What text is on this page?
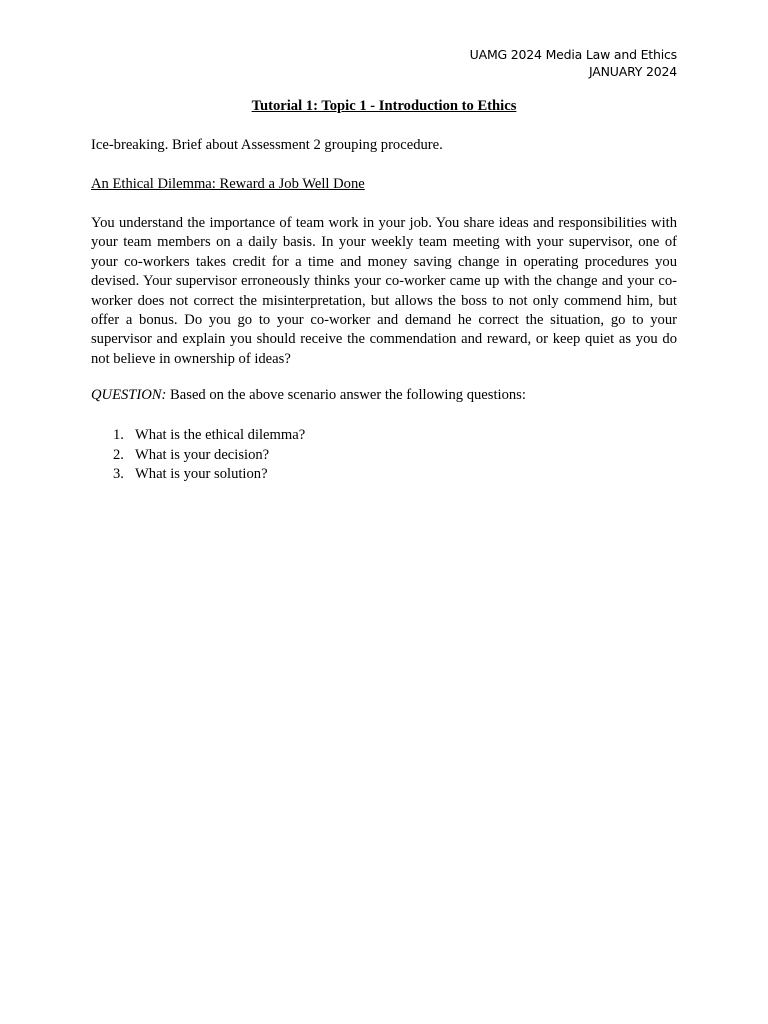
UAMG 2024 Media Law and Ethics
JANUARY 2024
Tutorial 1: Topic 1 - Introduction to Ethics
Ice-breaking. Brief about Assessment 2 grouping procedure.
An Ethical Dilemma: Reward a Job Well Done

You understand the importance of team work in your job. You share ideas and responsibilities with your team members on a daily basis. In your weekly team meeting with your supervisor, one of your co-workers takes credit for a time and money saving change in operating procedures you devised. Your supervisor erroneously thinks your co-worker came up with the change and your co-worker does not correct the misinterpretation, but allows the boss to not only commend him, but offer a bonus. Do you go to your co-worker and demand he correct the situation, go to your supervisor and explain you should receive the commendation and reward, or keep quiet as you do not believe in ownership of ideas?

QUESTION: Based on the above scenario answer the following questions:
1. What is the ethical dilemma?
2. What is your decision?
3. What is your solution?
